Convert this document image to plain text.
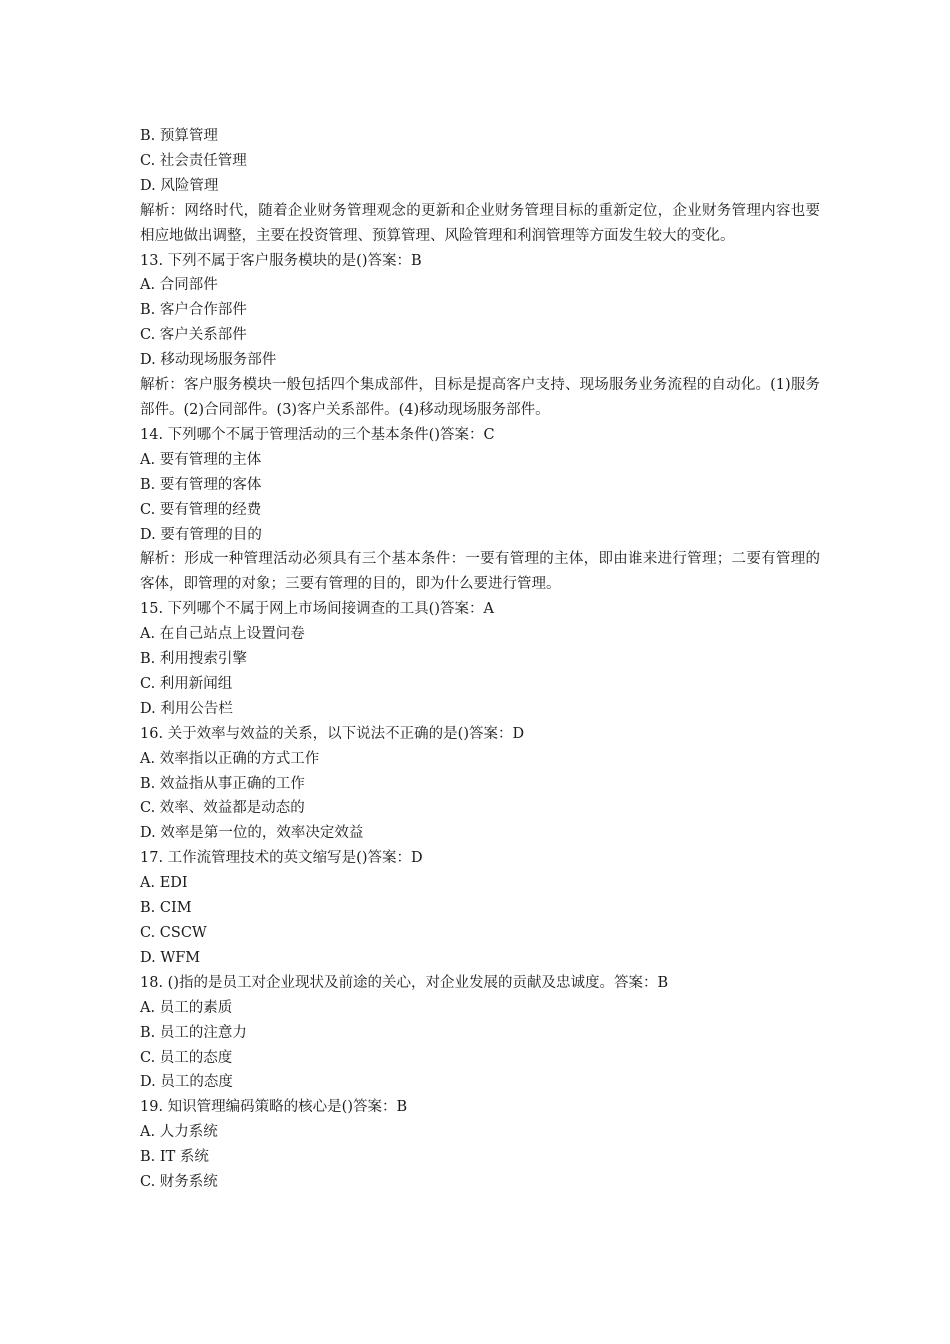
B. 预算管理
C. 社会责任管理
D. 风险管理
解析：网络时代，随着企业财务管理观念的更新和企业财务管理目标的重新定位，企业财务管理内容也要相应地做出调整，主要在投资管理、预算管理、风险管理和利润管理等方面发生较大的变化。
13. 下列不属于客户服务模块的是()答案：B
A. 合同部件
B. 客户合作部件
C. 客户关系部件
D. 移动现场服务部件
解析：客户服务模块一般包括四个集成部件，目标是提高客户支持、现场服务业务流程的自动化。(1)服务部件。(2)合同部件。(3)客户关系部件。(4)移动现场服务部件。
14. 下列哪个不属于管理活动的三个基本条件()答案：C
A. 要有管理的主体
B. 要有管理的客体
C. 要有管理的经费
D. 要有管理的目的
解析：形成一种管理活动必须具有三个基本条件：一要有管理的主体，即由谁来进行管理；二要有管理的客体，即管理的对象；三要有管理的目的，即为什么要进行管理。
15. 下列哪个不属于网上市场间接调查的工具()答案：A
A. 在自己站点上设置问卷
B. 利用搜索引擎
C. 利用新闻组
D. 利用公告栏
16. 关于效率与效益的关系，以下说法不正确的是()答案：D
A. 效率指以正确的方式工作
B. 效益指从事正确的工作
C. 效率、效益都是动态的
D. 效率是第一位的，效率决定效益
17. 工作流管理技术的英文缩写是()答案：D
A. EDI
B. CIM
C. CSCW
D. WFM
18. ()指的是员工对企业现状及前途的关心，对企业发展的贡献及忠诚度。答案：B
A. 员工的素质
B. 员工的注意力
C. 员工的态度
D. 员工的态度
19. 知识管理编码策略的核心是()答案：B
A. 人力系统
B. IT 系统
C. 财务系统
